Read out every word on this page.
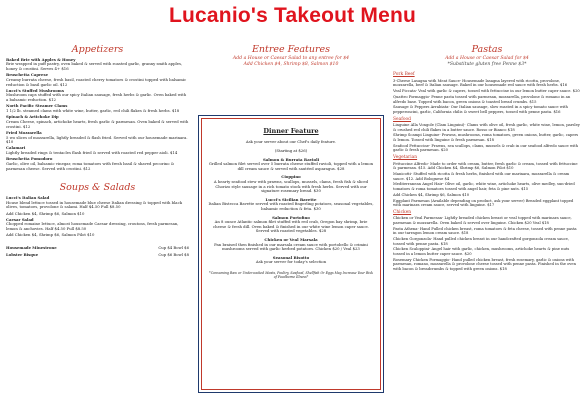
Lucanio's Takeout Menu
Appetizers
Baked Brie with Apples & Honey
Brie wrapped in puff pastry, oven baked & served with roasted garlic, granny smith apples, honey & crostini. Serves 4+ $16
Bruschetta Caprese
Creamy burrata cheese, fresh basil, roasted cherry tomatoes & crostini topped with balsamic reduction & basil garlic oil. $12
Lucci's Stuffed Mushrooms
Mushroom caps stuffed with our spicy Italian sausage, fresh herbs & garlic. Oven baked with a balsamic reduction. $12
North Pacific Steamer Clams
1 1/2 lb. steamed clams with white wine, butter, garlic, red chili flakes & fresh herbs. $18
Spinach & Artichoke Dip
Cream Cheese, spinach, artichoke hearts, fresh garlic & parmesan. Oven baked & served with crostini. $12
Fried Mozzarella
5 wo slices of mozzarella, lightly breaded & flash fried. Served with our housemade marinara. $10
Calamari
Lightly breaded rings & tentacles flash fried & served with roasted red pepper aioli. $14
Bruschetta Pomodoro
Garlic, olive oil, balsamic vinegar, roma tomatoes with fresh basil & shaved pecorino & parmesan cheese. Served with crostini. $12
Soups & Salads
Lucci's Italian Salad
House blend lettuce tossed in housemade blue cheese Italian dressing & topped with black olives, tomatoes, provolone & salami. Half $4.50 Full $8.50
Add Chicken $4, Shrimp $6, Salmon $10
Caesar Salad
Chopped romaine lettuce, almost housemade Caesar dressing, croutons, fresh parmesan, lemon & anchovies. Half $4.50 Full $8.50
Add Chicken $4, Shrimp $6, Salmon Pilot $10
Housemade Minestrone	Cup $4 Bowl $6
Lobster Bisque	Cup $6 Bowl $8
Entree Features
Add a House or Caesar Salad to any entree for $4
Add Chicken $4, Shrimp $8, Salmon $10
Dinner Feature
Ask your server about our Chef's daily feature.
(Starting at $26)
Salmon & Burrata Ravioli
Grilled salmon filet served over 5 burrata cheese stuffed ravioli, topped with a lemon dill cream sauce & served with sautéed asparagus. $28
Cioppino
A hearty seafood stew with prawns, scallops, mussels, clams, fresh fish & sliced Chorizo style sausage in a rich tomato stock with fresh herbs. Served with our signature rosemary bread. $30
Lucci's Sicilian Bavette
Italian Bistecca Bavette served with roasted fingerling potatoes, seasonal vegetables, balsamic reduction & feta. $30
Salmon Portofino
An 8 ounce Atlantic salmon filet stuffed with red crab, Oregon bay shrimp, brie cheese & fresh dill. Oven baked & finished in our white wine lemon caper sauce. Served with roasted vegetables. $28
Chicken or Veal Marsala
Pan braised then finished in our marsala cream sauce with portobello & crimini mushrooms served with garlic herbed potatoes. Chicken $20 / Veal $23
Seasonal Risotto
Ask your server for today's selection
*Consuming Raw or Undercooked Meats, Poultry, Seafood, Shellfish Or Eggs May Increase Your Risk of Foodborne Illness*
Pastas
Add a House or Caesar Salad for $4
*Substitute gluten free Penne $3*
Pork Beef
3-Cheese Lasagna with Meat Sauce- Housemade lasagna layered with ricotta, provolone, mozzarella, beef & Italian sausage. Baked in our housemade red sauce with fresh herbs. $16
Veal Piccata- Veal with garlic & capers, tossed with fettuccine in our lemon butter caper sauce. $20
Quattro Formaggio- Penne pasta tossed with parmesan, mozzarella, provolone & romano in an alfredo base. Topped with bacon, green onions & toasted bread crumbs. $15
Sausage & Peppers Arrabiata- Our Italian sausage, slow roasted in a spicy tomato sauce with pepperoncini, garlic, California chilis & sweet bell peppers, tossed with penne pasta. $16
Seafood
Linguine Alla Vongole (Clam Linguini)- Clams with olive oil, fresh garlic, white wine, lemon, parsley & crushed red chili flakes in a butter sauce. Rosso or Bianco $18
Shrimp Scampi Linguine- Prawns, mushrooms, roma tomatoes, green onions, butter, garlic, capers & lemon. Tossed with linguine & fresh parmesan. $18
Seafood Fettuccine- Prawns, sea scallops, clams, mussels & crab in our seafood alfredo sauce with garlic & fresh parmesan. $20
Vegetarian
Fettuccine Alfredo- Made to order with cream, butter, fresh garlic & cream, tossed with fettuccine & parmesan. $15. Add Chicken $4, Shrimp $6, Salmon Pilot $10
Manicotti- Stuffed with ricotta & fresh herbs, finished with our marinara, mozzarella & cream sauce. $12. Add Bolognese $4
Mediterranean Angel Hair- Olive oil, garlic, white wine, artichoke hearts, olive medley, sun-dried tomatoes & roma tomatoes tossed with angel hair, feta & pine nuts. $15
Add Chicken $4, Shrimp $6, Salmon $10
Eggplant Parmesan (Available depending on product, ask your server) Breaded eggplant topped with marinara cream sauce, served with linguine. $17
Chicken
Chicken or Veal Parmesan- Lightly breaded chicken breast or veal topped with marinara sauce, parmesan & mozzarella. Oven baked & served over linguine. Chicken $20 Veal $18
Pasta Athena- Hand Pulled chicken breast, roma tomatoes & feta cheese, tossed with penne pasta in our tarragon lemon cream sauce. $18
Chicken Gorgonzola- Hand pulled chicken breast in our handcrafted gorgonzola cream sauce, tossed with penne pasta. $18
Chicken Scaloppini- Angel hair with garlic, chicken, mushrooms, artichoke hearts & pine nuts tossed in a lemon butter caper sauce. $20
Rosemary Chicken Formaggio- Hand pulled chicken breast, fresh rosemary, garlic & onions with parmesan, romano, mozzarella & provolone cheese tossed with penne pasta. Finished in the oven with bacon & breadcrumbs & topped with green onions. $18
